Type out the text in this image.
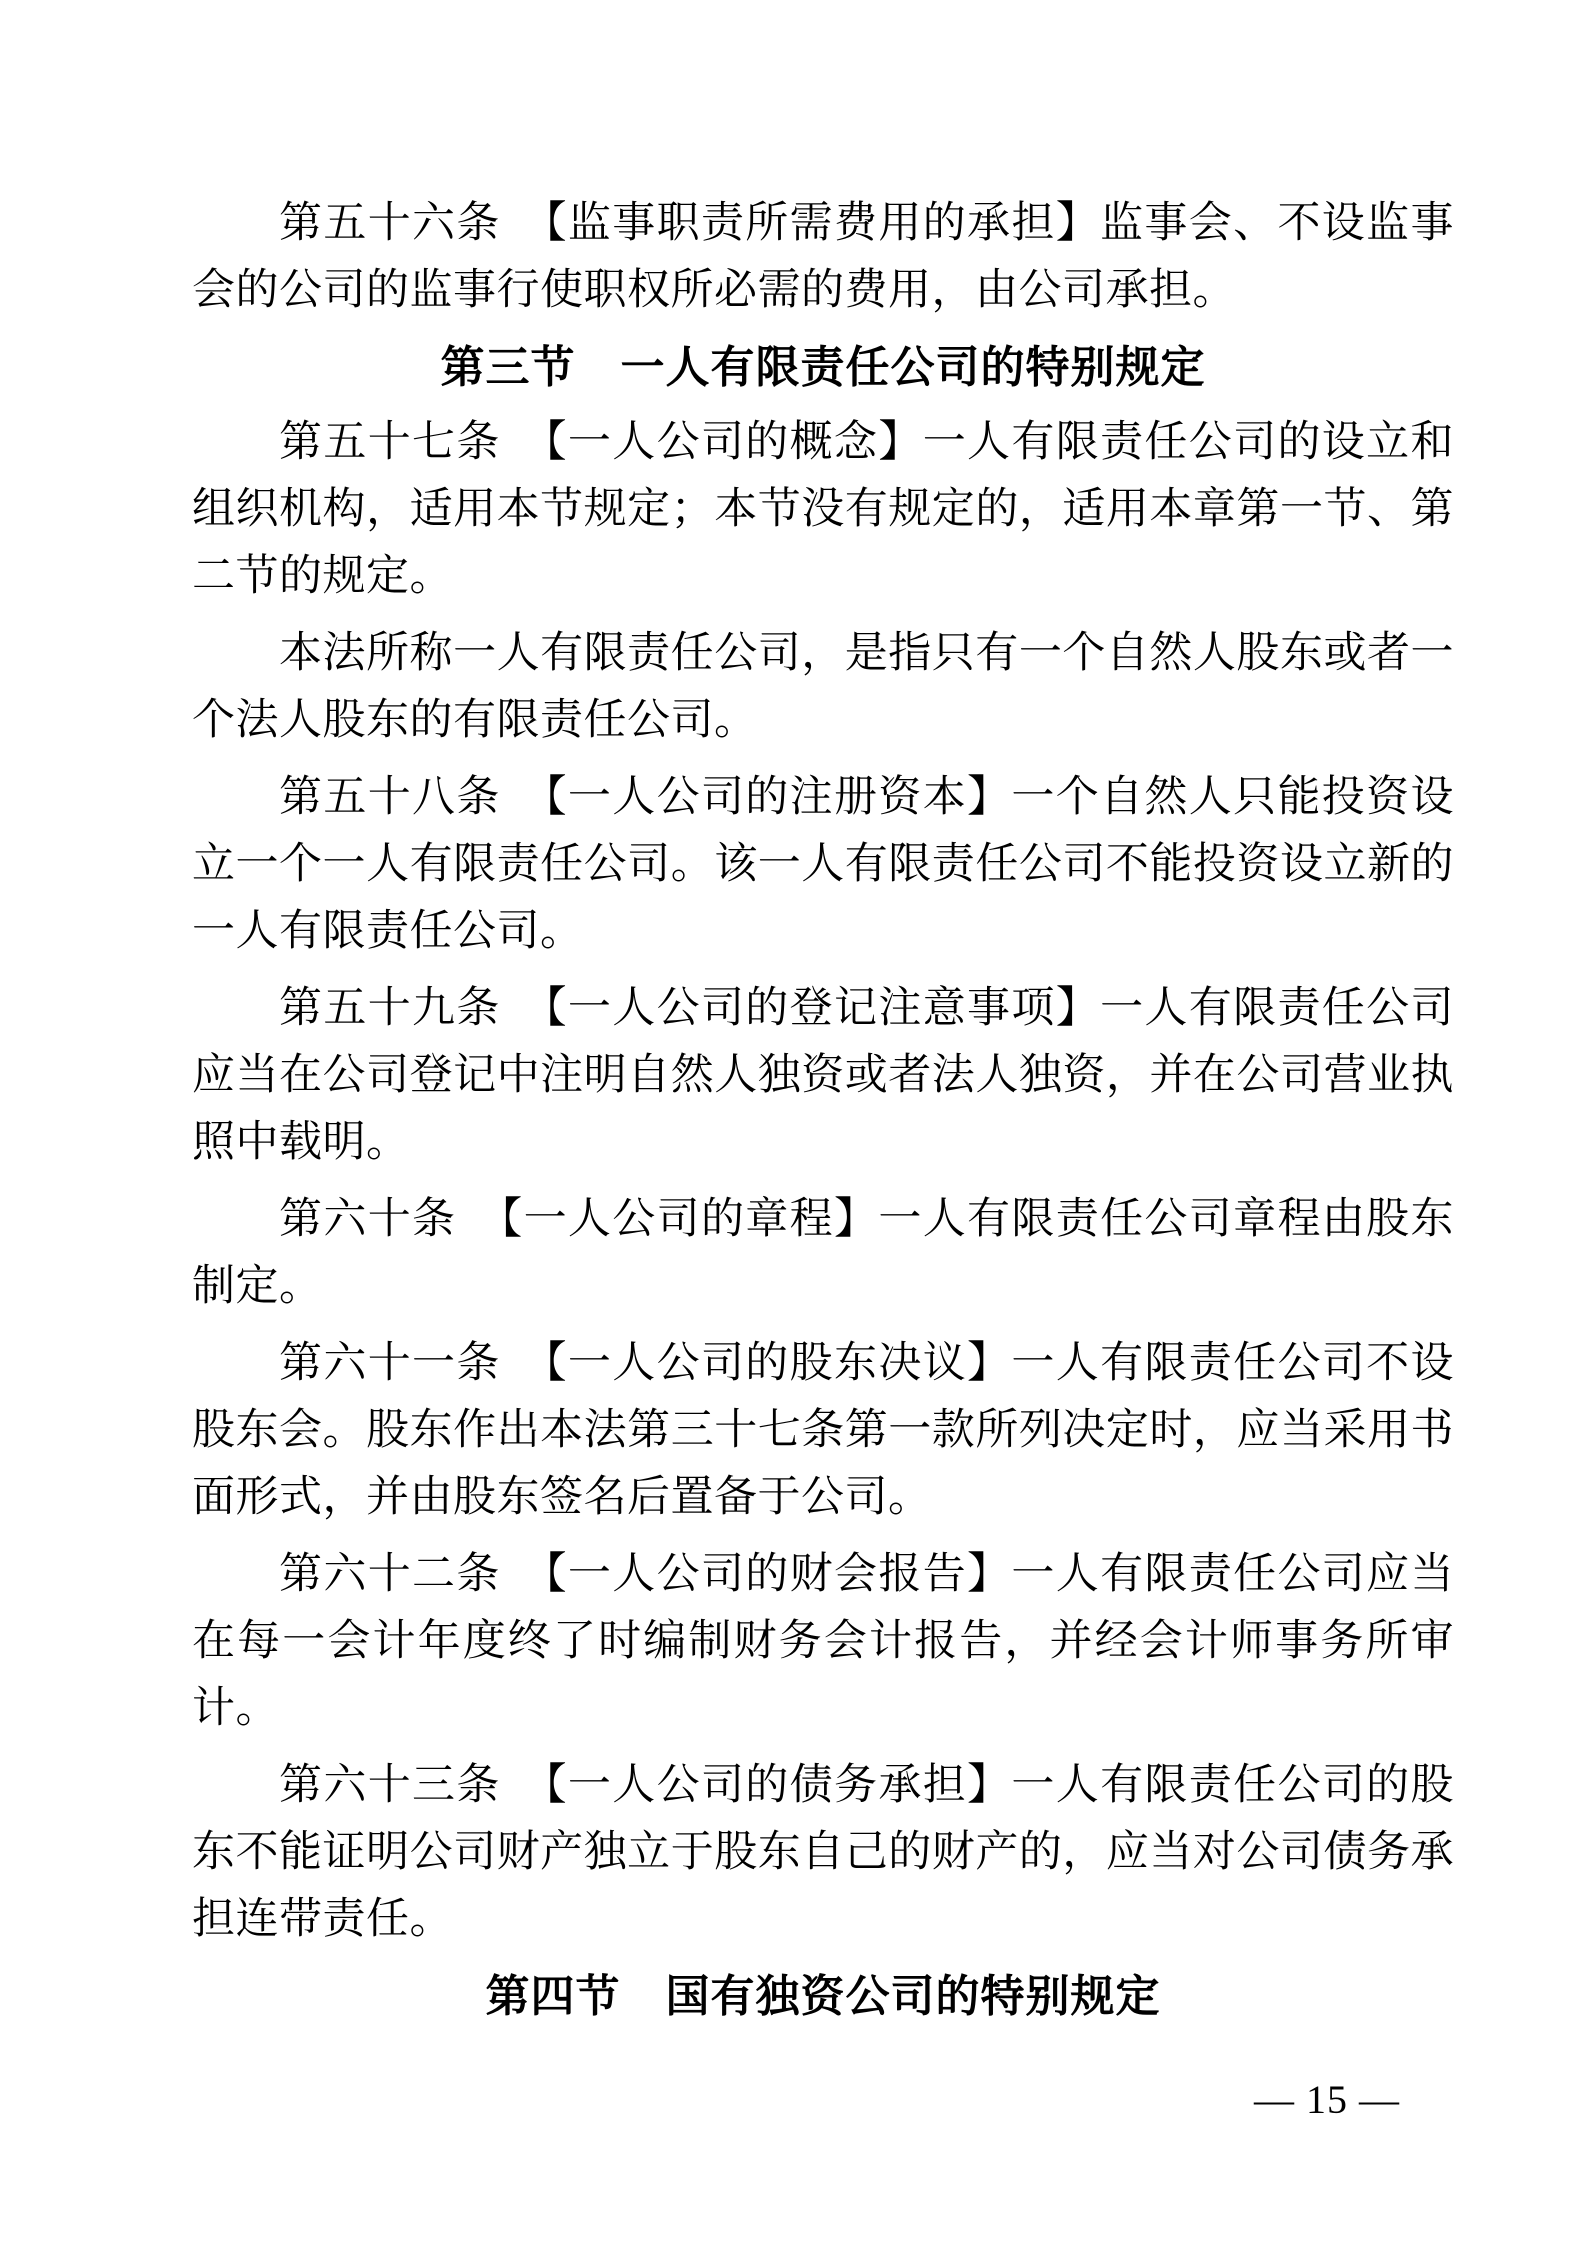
第五十六条　【监事职责所需费用的承担】监事会、不设监事会的公司的监事行使职权所必需的费用，由公司承担。

第三节　一人有限责任公司的特别规定

第五十七条　【一人公司的概念】一人有限责任公司的设立和组织机构，适用本节规定；本节没有规定的，适用本章第一节、第二节的规定。

本法所称一人有限责任公司，是指只有一个自然人股东或者一个法人股东的有限责任公司。

第五十八条　【一人公司的注册资本】一个自然人只能投资设立一个一人有限责任公司。该一人有限责任公司不能投资设立新的一人有限责任公司。

第五十九条　【一人公司的登记注意事项】一人有限责任公司应当在公司登记中注明自然人独资或者法人独资，并在公司营业执照中载明。

第六十条　【一人公司的章程】一人有限责任公司章程由股东制定。

第六十一条　【一人公司的股东决议】一人有限责任公司不设股东会。股东作出本法第三十七条第一款所列决定时，应当采用书面形式，并由股东签名后置备于公司。

第六十二条　【一人公司的财会报告】一人有限责任公司应当在每一会计年度终了时编制财务会计报告，并经会计师事务所审计。

第六十三条　【一人公司的债务承担】一人有限责任公司的股东不能证明公司财产独立于股东自己的财产的，应当对公司债务承担连带责任。

第四节　国有独资公司的特别规定
— 15 —
